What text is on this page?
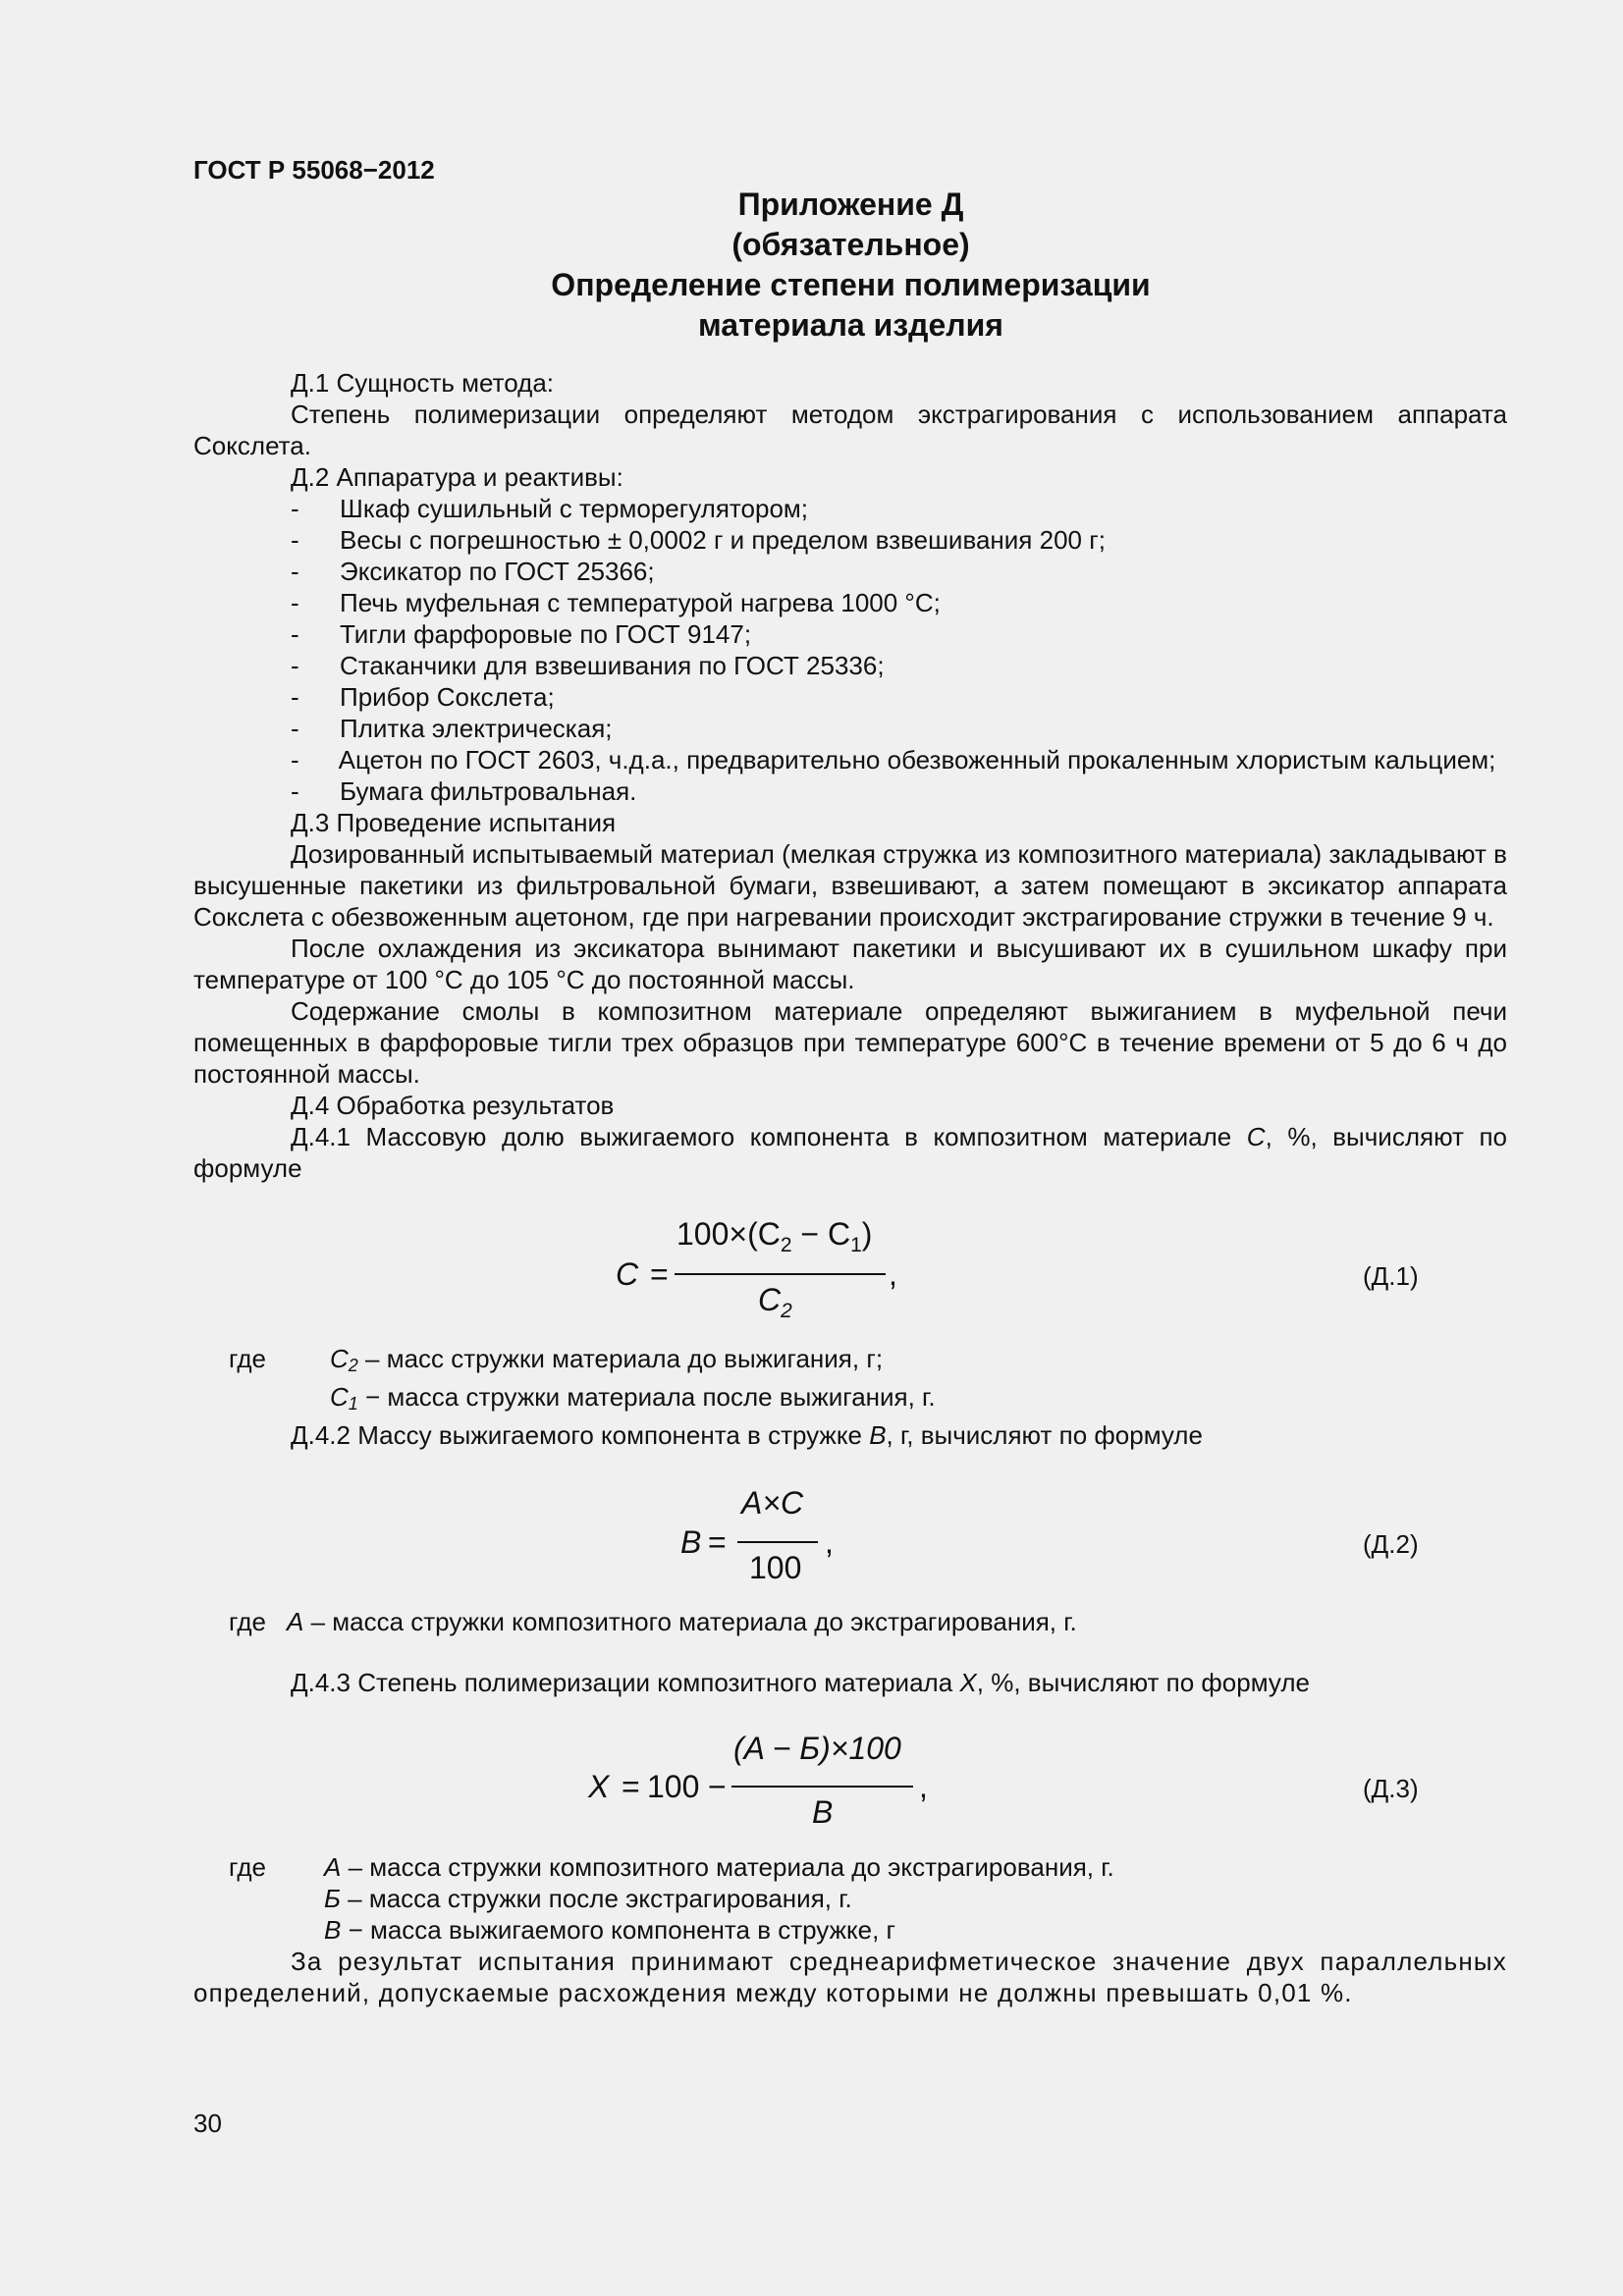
ГОСТ Р 55068−2012
Приложение Д
(обязательное)
Определение степени полимеризации
материала изделия

Д.1 Сущность метода:

Степень полимеризации определяют методом экстрагирования с использованием аппарата Сокслета.

Д.2 Аппаратура и реактивы:

-	Шкаф сушильный с терморегулятором;
-	Весы с погрешностью ± 0,0002 г и пределом взвешивания 200 г;
-	Эксикатор по ГОСТ 25366;
-	Печь муфельная с температурой нагрева 1000 °С;
-	Тигли фарфоровые по ГОСТ 9147;
-	Стаканчики для взвешивания по ГОСТ 25336;
-	Прибор Сокслета;
-	Плитка электрическая;

- Ацетон по ГОСТ 2603, ч.д.а., предварительно обезвоженный прокаленным хлористым кальцием;

-	Бумага фильтровальная.

Д.3 Проведение испытания

Дозированный испытываемый материал (мелкая стружка из композитного материала) закладывают в высушенные пакетики из фильтровальной бумаги, взвешивают, а затем помещают в эксикатор аппарата Сокслета с обезвоженным ацетоном, где при нагревании происходит экстрагирование стружки в течение 9 ч.

После охлаждения из эксикатора вынимают пакетики и высушивают их в сушильном шкафу при температуре от 100 °С до 105 °С до постоянной массы.

Содержание смолы в композитном материале определяют выжиганием в муфельной печи помещенных в фарфоровые тигли трех образцов при температуре 600°С в течение времени от 5 до 6 ч до постоянной массы.

Д.4 Обработка результатов

Д.4.1 Массовую долю выжигаемого компонента в композитном материале С, %, вычисляют по формуле

C =
$100\times(C_2 - C_1)$
$C_2$
,	(Д.1)
где	C2 – масс стружки материала до выжигания, г;
C1 − масса стружки материала после выжигания, г.

Д.4.2 Массу выжигаемого компонента в стружке В, г, вычисляют по формуле

B =
A×C
100
,	(Д.2)
где А – масса стружки композитного материала до экстрагирования, г.

Д.4.3 Степень полимеризации композитного материала Х, %, вычисляют по формуле

X = 100 −
(A − Б)×100
B
,	(Д.3)
где	А – масса стружки композитного материала до экстрагирования, г.
Б – масса стружки после экстрагирования, г.
В − масса выжигаемого компонента в стружке, г

За результат испытания принимают среднеарифметическое значение двух параллельных определений, допускаемые расхождения между которыми не должны превышать 0,01 %.

30
